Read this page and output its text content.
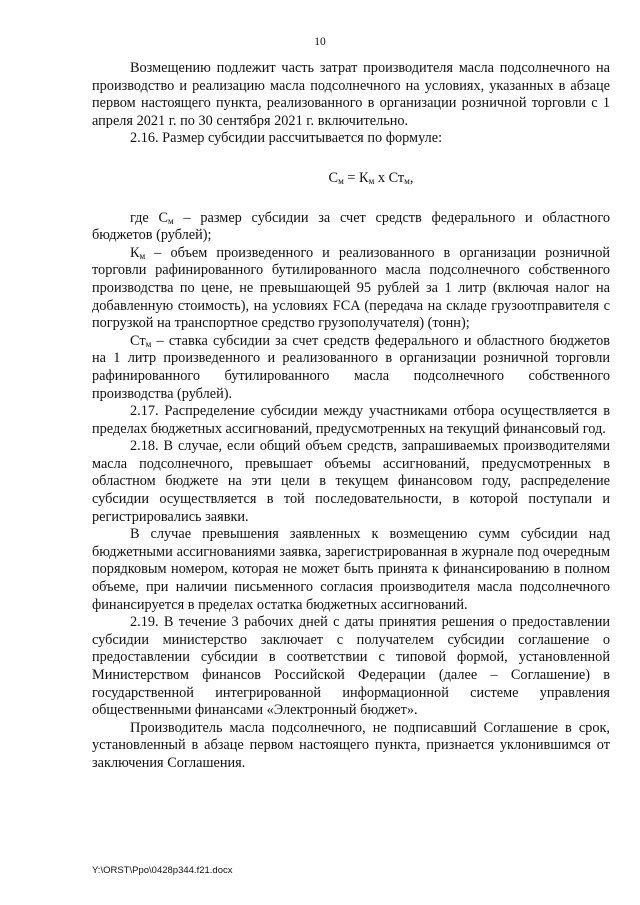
10

Возмещению подлежит часть затрат производителя масла подсолнечного на производство и реализацию масла подсолнечного на условиях, указанных в абзаце первом настоящего пункта, реализованного в организации розничной торговли с 1 апреля 2021 г. по 30 сентября 2021 г. включительно.

2.16. Размер субсидии рассчитывается по формуле:

$С_м = К_м$ х $Ст_м$,

где $С_м$ – размер субсидии за счет средств федерального и областного бюджетов (рублей);

$К_м$ – объем произведенного и реализованного в организации розничной торговли рафинированного бутилированного масла подсолнечного собственного производства по цене, не превышающей 95 рублей за 1 литр (включая налог на добавленную стоимость), на условиях FCA (передача на складе грузоотправителя с погрузкой на транспортное средство грузополучателя) (тонн);

$Ст_м$ – ставка субсидии за счет средств федерального и областного бюджетов на 1 литр произведенного и реализованного в организации розничной торговли рафинированного бутилированного масла подсолнечного собственного производства (рублей).

2.17. Распределение субсидии между участниками отбора осуществляется в пределах бюджетных ассигнований, предусмотренных на текущий финансовый год.

2.18. В случае, если общий объем средств, запрашиваемых производителями масла подсолнечного, превышает объемы ассигнований, предусмотренных в областном бюджете на эти цели в текущем финансовом году, распределение субсидии осуществляется в той последовательности, в которой поступали и регистрировались заявки.

В случае превышения заявленных к возмещению сумм субсидии над бюджетными ассигнованиями заявка, зарегистрированная в журнале под очередным порядковым номером, которая не может быть принята к финансированию в полном объеме, при наличии письменного согласия производителя масла подсолнечного финансируется в пределах остатка бюджетных ассигнований.

2.19. В течение 3 рабочих дней с даты принятия решения о предоставлении субсидии министерство заключает с получателем субсидии соглашение о предоставлении субсидии в соответствии с типовой формой, установленной Министерством финансов Российской Федерации (далее – Соглашение) в государственной интегрированной информационной системе управления общественными финансами «Электронный бюджет».

Производитель масла подсолнечного, не подписавший Соглашение в срок, установленный в абзаце первом настоящего пункта, признается уклонившимся от заключения Соглашения.

Y:\ORST\Ppo\0428p344.f21.docx
